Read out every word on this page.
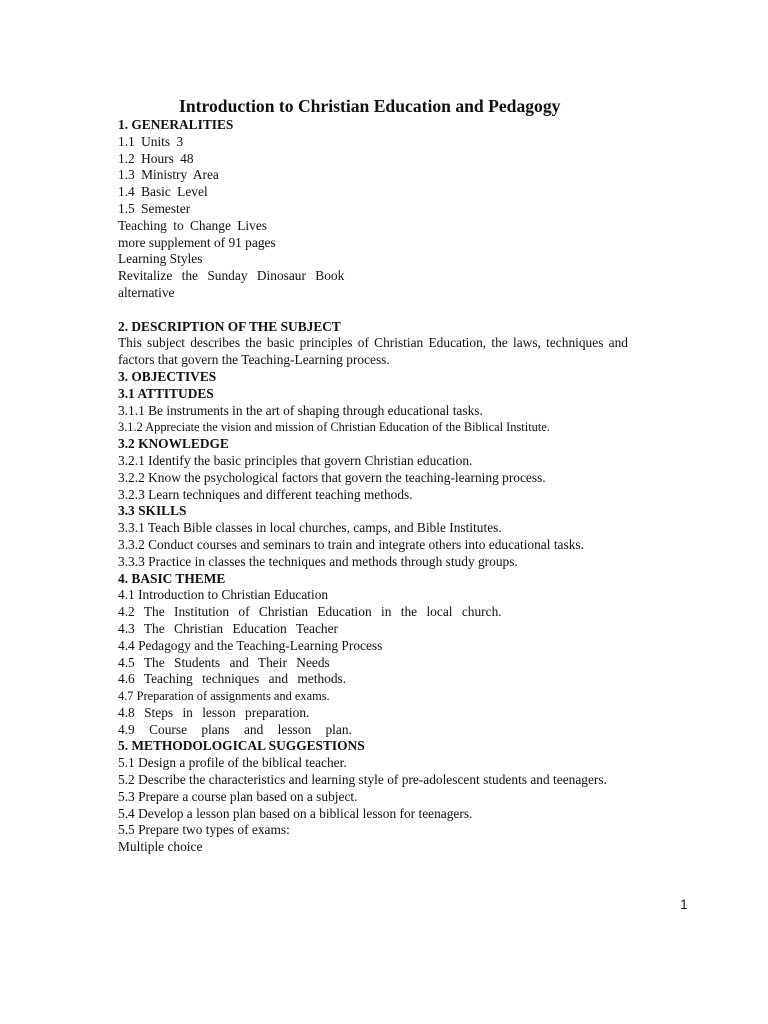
Introduction to Christian Education and Pedagogy
1. GENERALITIES
1.1 Units 3
1.2 Hours 48
1.3 Ministry Area
1.4 Basic Level
1.5 Semester
Teaching to Change Lives
more supplement of 91 pages
Learning Styles
Revitalize the Sunday Dinosaur Book
alternative
2. DESCRIPTION OF THE SUBJECT
This subject describes the basic principles of Christian Education, the laws, techniques and factors that govern the Teaching-Learning process.
3. OBJECTIVES
3.1 ATTITUDES
3.1.1 Be instruments in the art of shaping through educational tasks.
3.1.2 Appreciate the vision and mission of Christian Education of the Biblical Institute.
3.2 KNOWLEDGE
3.2.1 Identify the basic principles that govern Christian education.
3.2.2 Know the psychological factors that govern the teaching-learning process.
3.2.3 Learn techniques and different teaching methods.
3.3 SKILLS
3.3.1 Teach Bible classes in local churches, camps, and Bible Institutes.
3.3.2 Conduct courses and seminars to train and integrate others into educational tasks.
3.3.3 Practice in classes the techniques and methods through study groups.
4. BASIC THEME
4.1 Introduction to Christian Education
4.2 The Institution of Christian Education in the local church.
4.3 The Christian Education Teacher
4.4 Pedagogy and the Teaching-Learning Process
4.5 The Students and Their Needs
4.6 Teaching techniques and methods.
4.7 Preparation of assignments and exams.
4.8 Steps in lesson preparation.
4.9 Course plans and lesson plan.
5. METHODOLOGICAL SUGGESTIONS
5.1 Design a profile of the biblical teacher.
5.2 Describe the characteristics and learning style of pre-adolescent students and teenagers.
5.3 Prepare a course plan based on a subject.
5.4 Develop a lesson plan based on a biblical lesson for teenagers.
5.5 Prepare two types of exams:
Multiple choice
1
